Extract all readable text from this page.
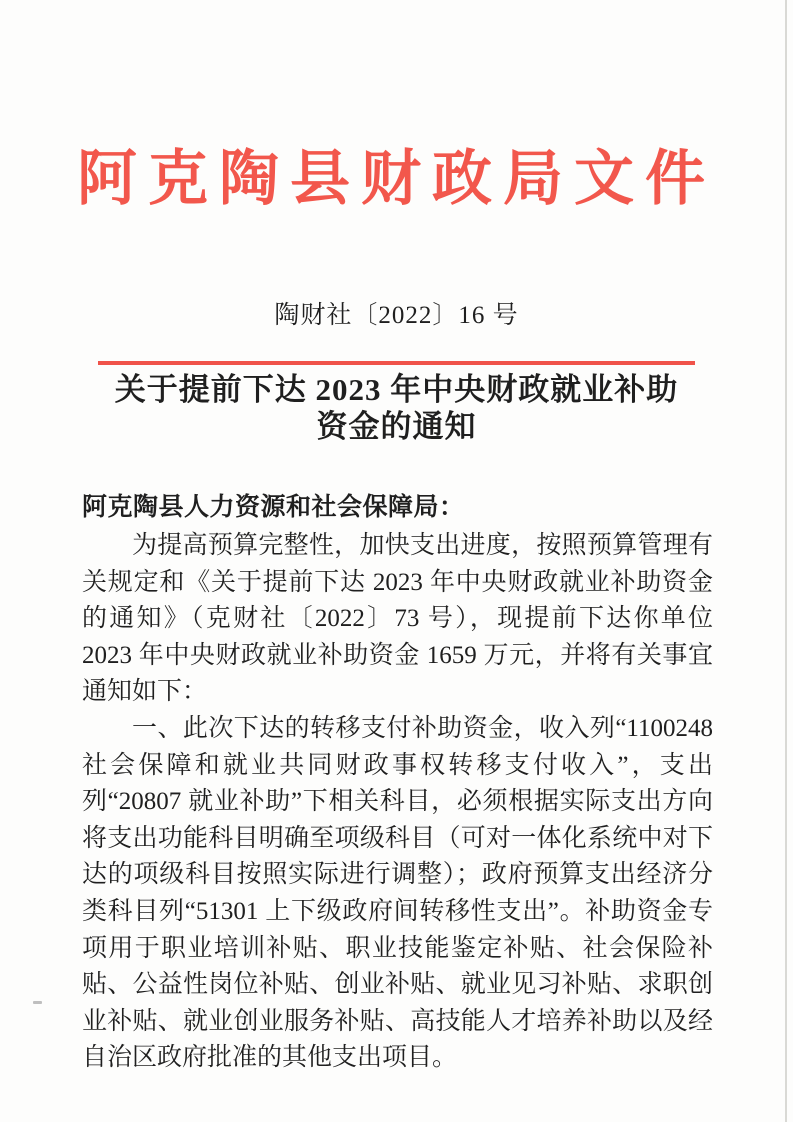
阿克陶县财政局文件
陶财社〔2022〕16 号
关于提前下达 2023 年中央财政就业补助
资金的通知
阿克陶县人力资源和社会保障局：

为提高预算完整性，加快支出进度，按照预算管理有关规定和《关于提前下达 2023 年中央财政就业补助资金的通知》（克财社〔2022〕73 号），现提前下达你单位 2023 年中央财政就业补助资金 1659 万元，并将有关事宜通知如下：

一、此次下达的转移支付补助资金，收入列“1100248 社会保障和就业共同财政事权转移支付收入”，支出列“20807 就业补助”下相关科目，必须根据实际支出方向将支出功能科目明确至项级科目（可对一体化系统中对下达的项级科目按照实际进行调整）；政府预算支出经济分类科目列“51301 上下级政府间转移性支出”。补助资金专项用于职业培训补贴、职业技能鉴定补贴、社会保险补贴、公益性岗位补贴、创业补贴、就业见习补贴、求职创业补贴、就业创业服务补贴、高技能人才培养补助以及经自治区政府批准的其他支出项目。
